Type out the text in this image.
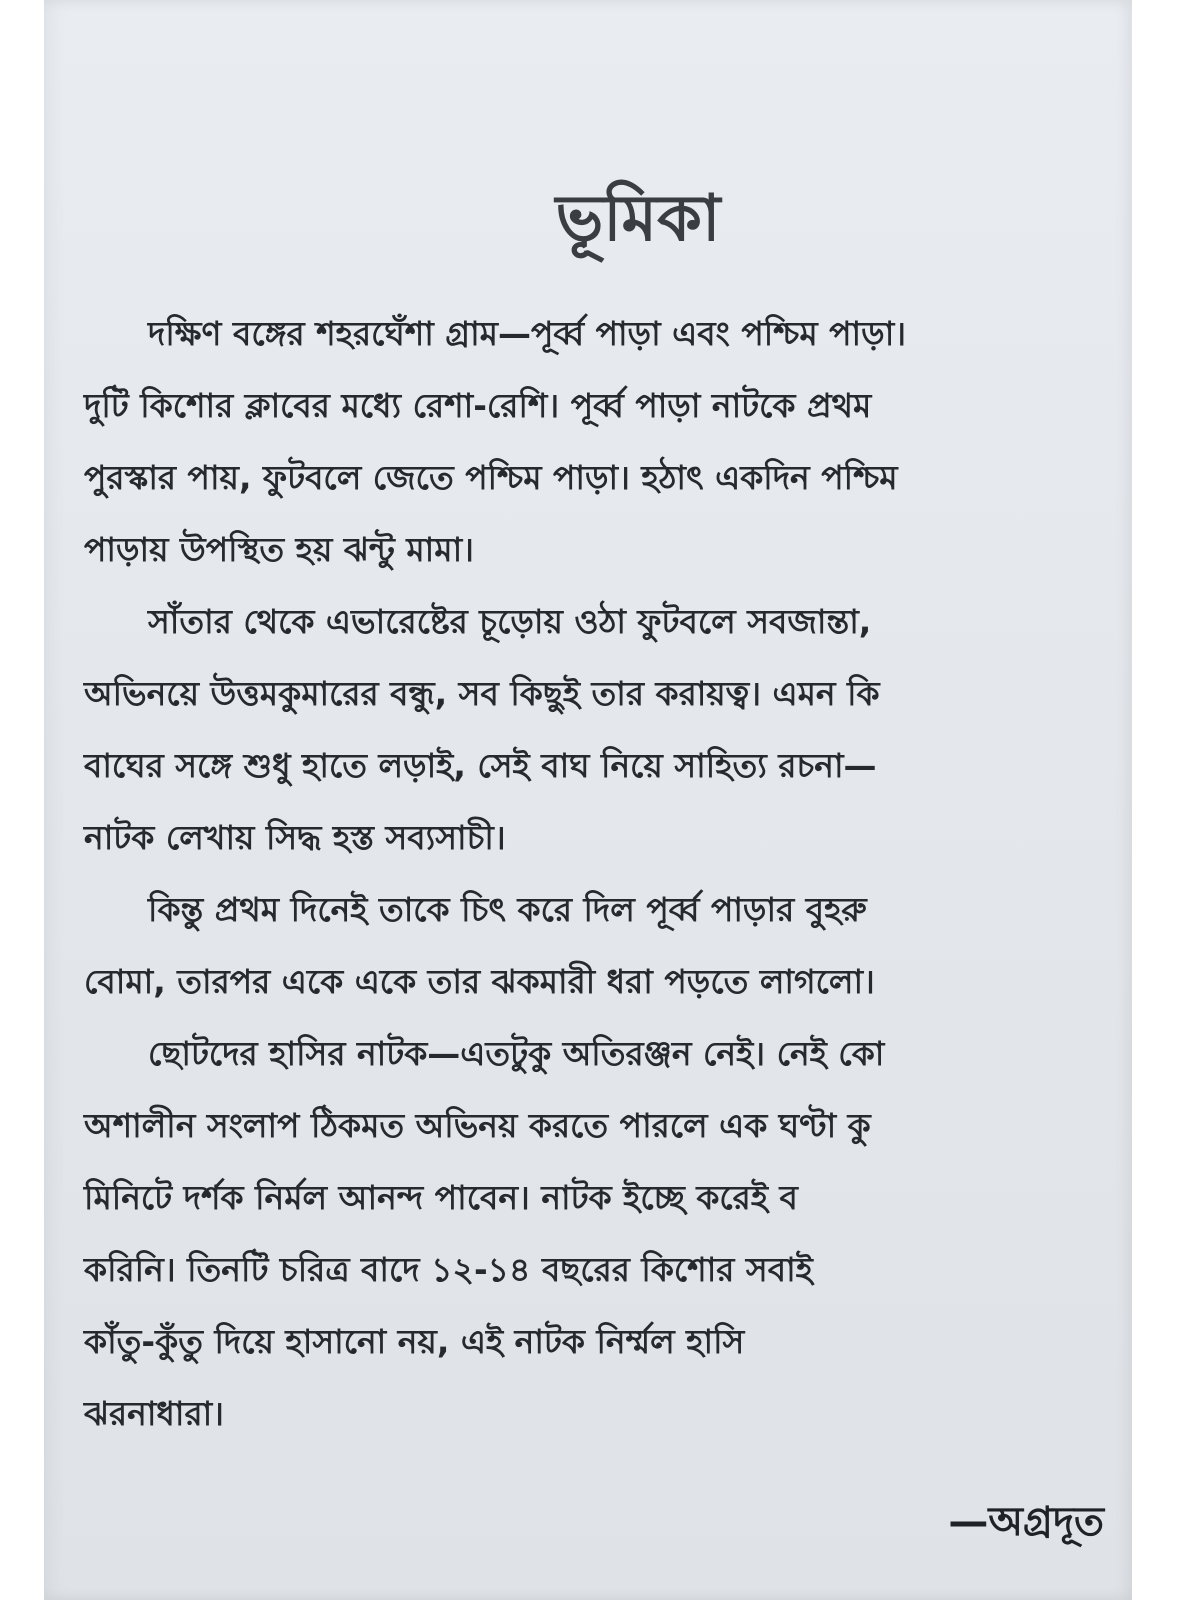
ভূমিকা
দক্ষিণ বঙ্গের শহরঘেঁশা গ্রাম—পূর্ব্ব পাড়া এবং পশ্চিম পাড়া।
দুটি কিশোর ক্লাবের মধ্যে রেশা-রেশি। পূর্ব্ব পাড়া নাটকে প্রথম
পুরস্কার পায়, ফুটবলে জেতে পশ্চিম পাড়া। হঠাৎ একদিন পশ্চিম
পাড়ায় উপস্থিত হয় ঝন্টু মামা।
সাঁতার থেকে এভারেষ্টের চূড়োয় ওঠা ফুটবলে সবজান্তা,
অভিনয়ে উত্তমকুমারের বন্ধু, সব কিছুই তার করায়ত্ব। এমন কি
বাঘের সঙ্গে শুধু হাতে লড়াই, সেই বাঘ নিয়ে সাহিত্য রচনা—
নাটক লেখায় সিদ্ধ হস্ত সব্যসাচী।
কিন্তু প্রথম দিনেই তাকে চিৎ করে দিল পূর্ব্ব পাড়ার বুহরু
বোমা, তারপর একে একে তার ঝকমারী ধরা পড়তে লাগলো।
ছোটদের হাসির নাটক—এতটুকু অতিরঞ্জন নেই। নেই কো
অশালীন সংলাপ ঠিকমত অভিনয় করতে পারলে এক ঘণ্টা কু
মিনিটে দর্শক নির্মল আনন্দ পাবেন। নাটক ইচ্ছে করেই ব
করিনি। তিনটি চরিত্র বাদে ১২-১৪ বছরের কিশোর সবাই
কাঁতু-কুঁতু দিয়ে হাসানো নয়, এই নাটক নির্ম্মল হাসি
ঝরনাধারা।
—অগ্রদূত
